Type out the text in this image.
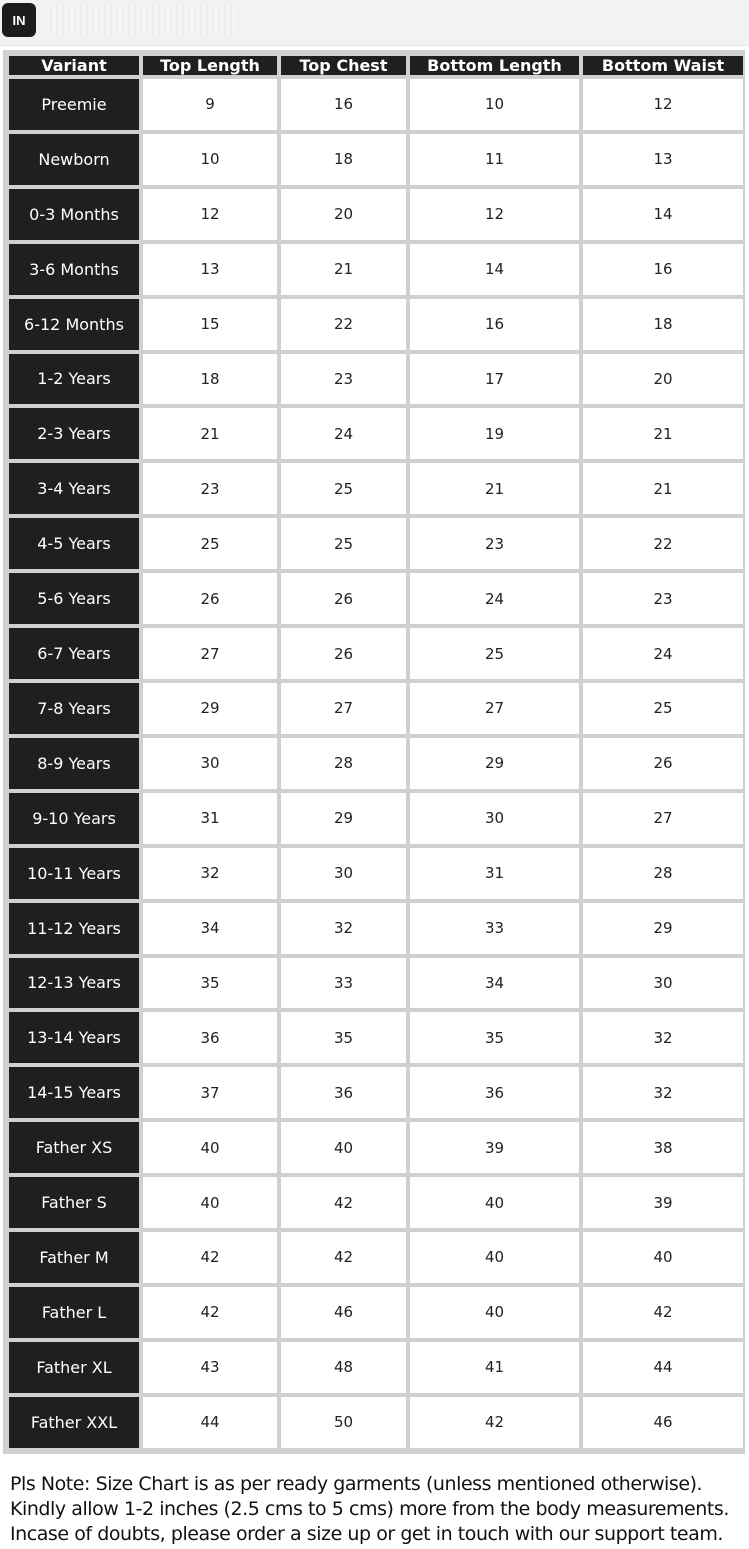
IN
Variant	Top Length	Top Chest	Bottom Length	Bottom Waist
Preemie	9	16	10	12
Newborn	10	18	11	13
0-3 Months	12	20	12	14
3-6 Months	13	21	14	16
6-12 Months	15	22	16	18
1-2 Years	18	23	17	20
2-3 Years	21	24	19	21
3-4 Years	23	25	21	21
4-5 Years	25	25	23	22
5-6 Years	26	26	24	23
6-7 Years	27	26	25	24
7-8 Years	29	27	27	25
8-9 Years	30	28	29	26
9-10 Years	31	29	30	27
10-11 Years	32	30	31	28
11-12 Years	34	32	33	29
12-13 Years	35	33	34	30
13-14 Years	36	35	35	32
14-15 Years	37	36	36	32
Father XS	40	40	39	38
Father S	40	42	40	39
Father M	42	42	40	40
Father L	42	46	40	42
Father XL	43	48	41	44
Father XXL	44	50	42	46
Pls Note: Size Chart is as per ready garments (unless mentioned otherwise).
Kindly allow 1-2 inches (2.5 cms to 5 cms) more from the body measurements.
Incase of doubts, please order a size up or get in touch with our support team.
